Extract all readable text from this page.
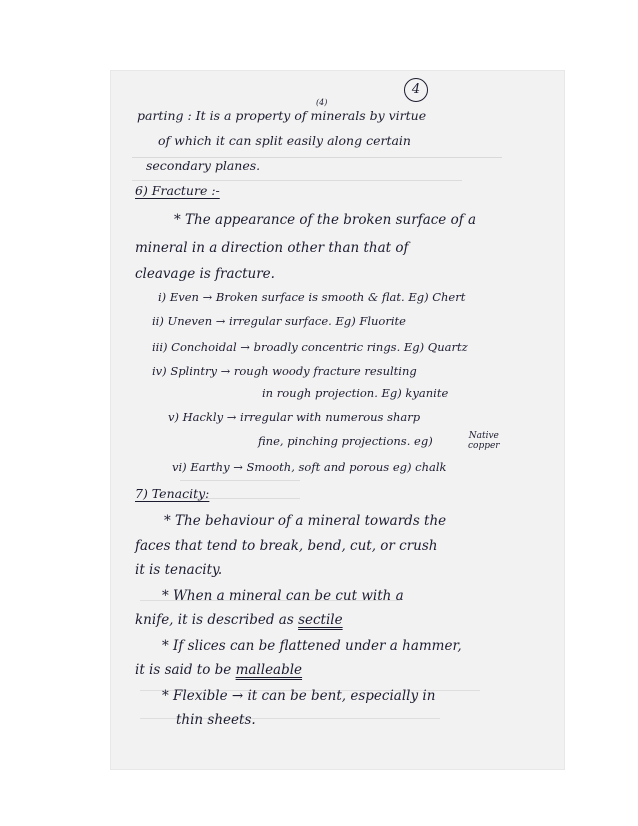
4
(4)
parting : It is a property of minerals by virtue
of which it can split easily along certain
secondary planes.
6) Fracture :-
* The appearance of the broken surface of a
mineral in a direction other than that of
cleavage is fracture.
i) Even → Broken surface is smooth & flat. Eg) Chert
ii) Uneven → irregular surface. Eg) Fluorite
iii) Conchoidal → broadly concentric rings. Eg) Quartz
iv) Splintry → rough woody fracture resulting
in rough projection. Eg) kyanite
v) Hackly → irregular with numerous sharp
fine, pinching projections. eg)	Native
copper
vi) Earthy → Smooth, soft and porous eg) chalk
7) Tenacity:
* The behaviour of a mineral towards the
faces that tend to break, bend, cut, or crush
it is tenacity.
* When a mineral can be cut with a
knife, it is described as sectile
* If slices can be flattened under a hammer,
it is said to be malleable
* Flexible → it can be bent, especially in
thin sheets.
